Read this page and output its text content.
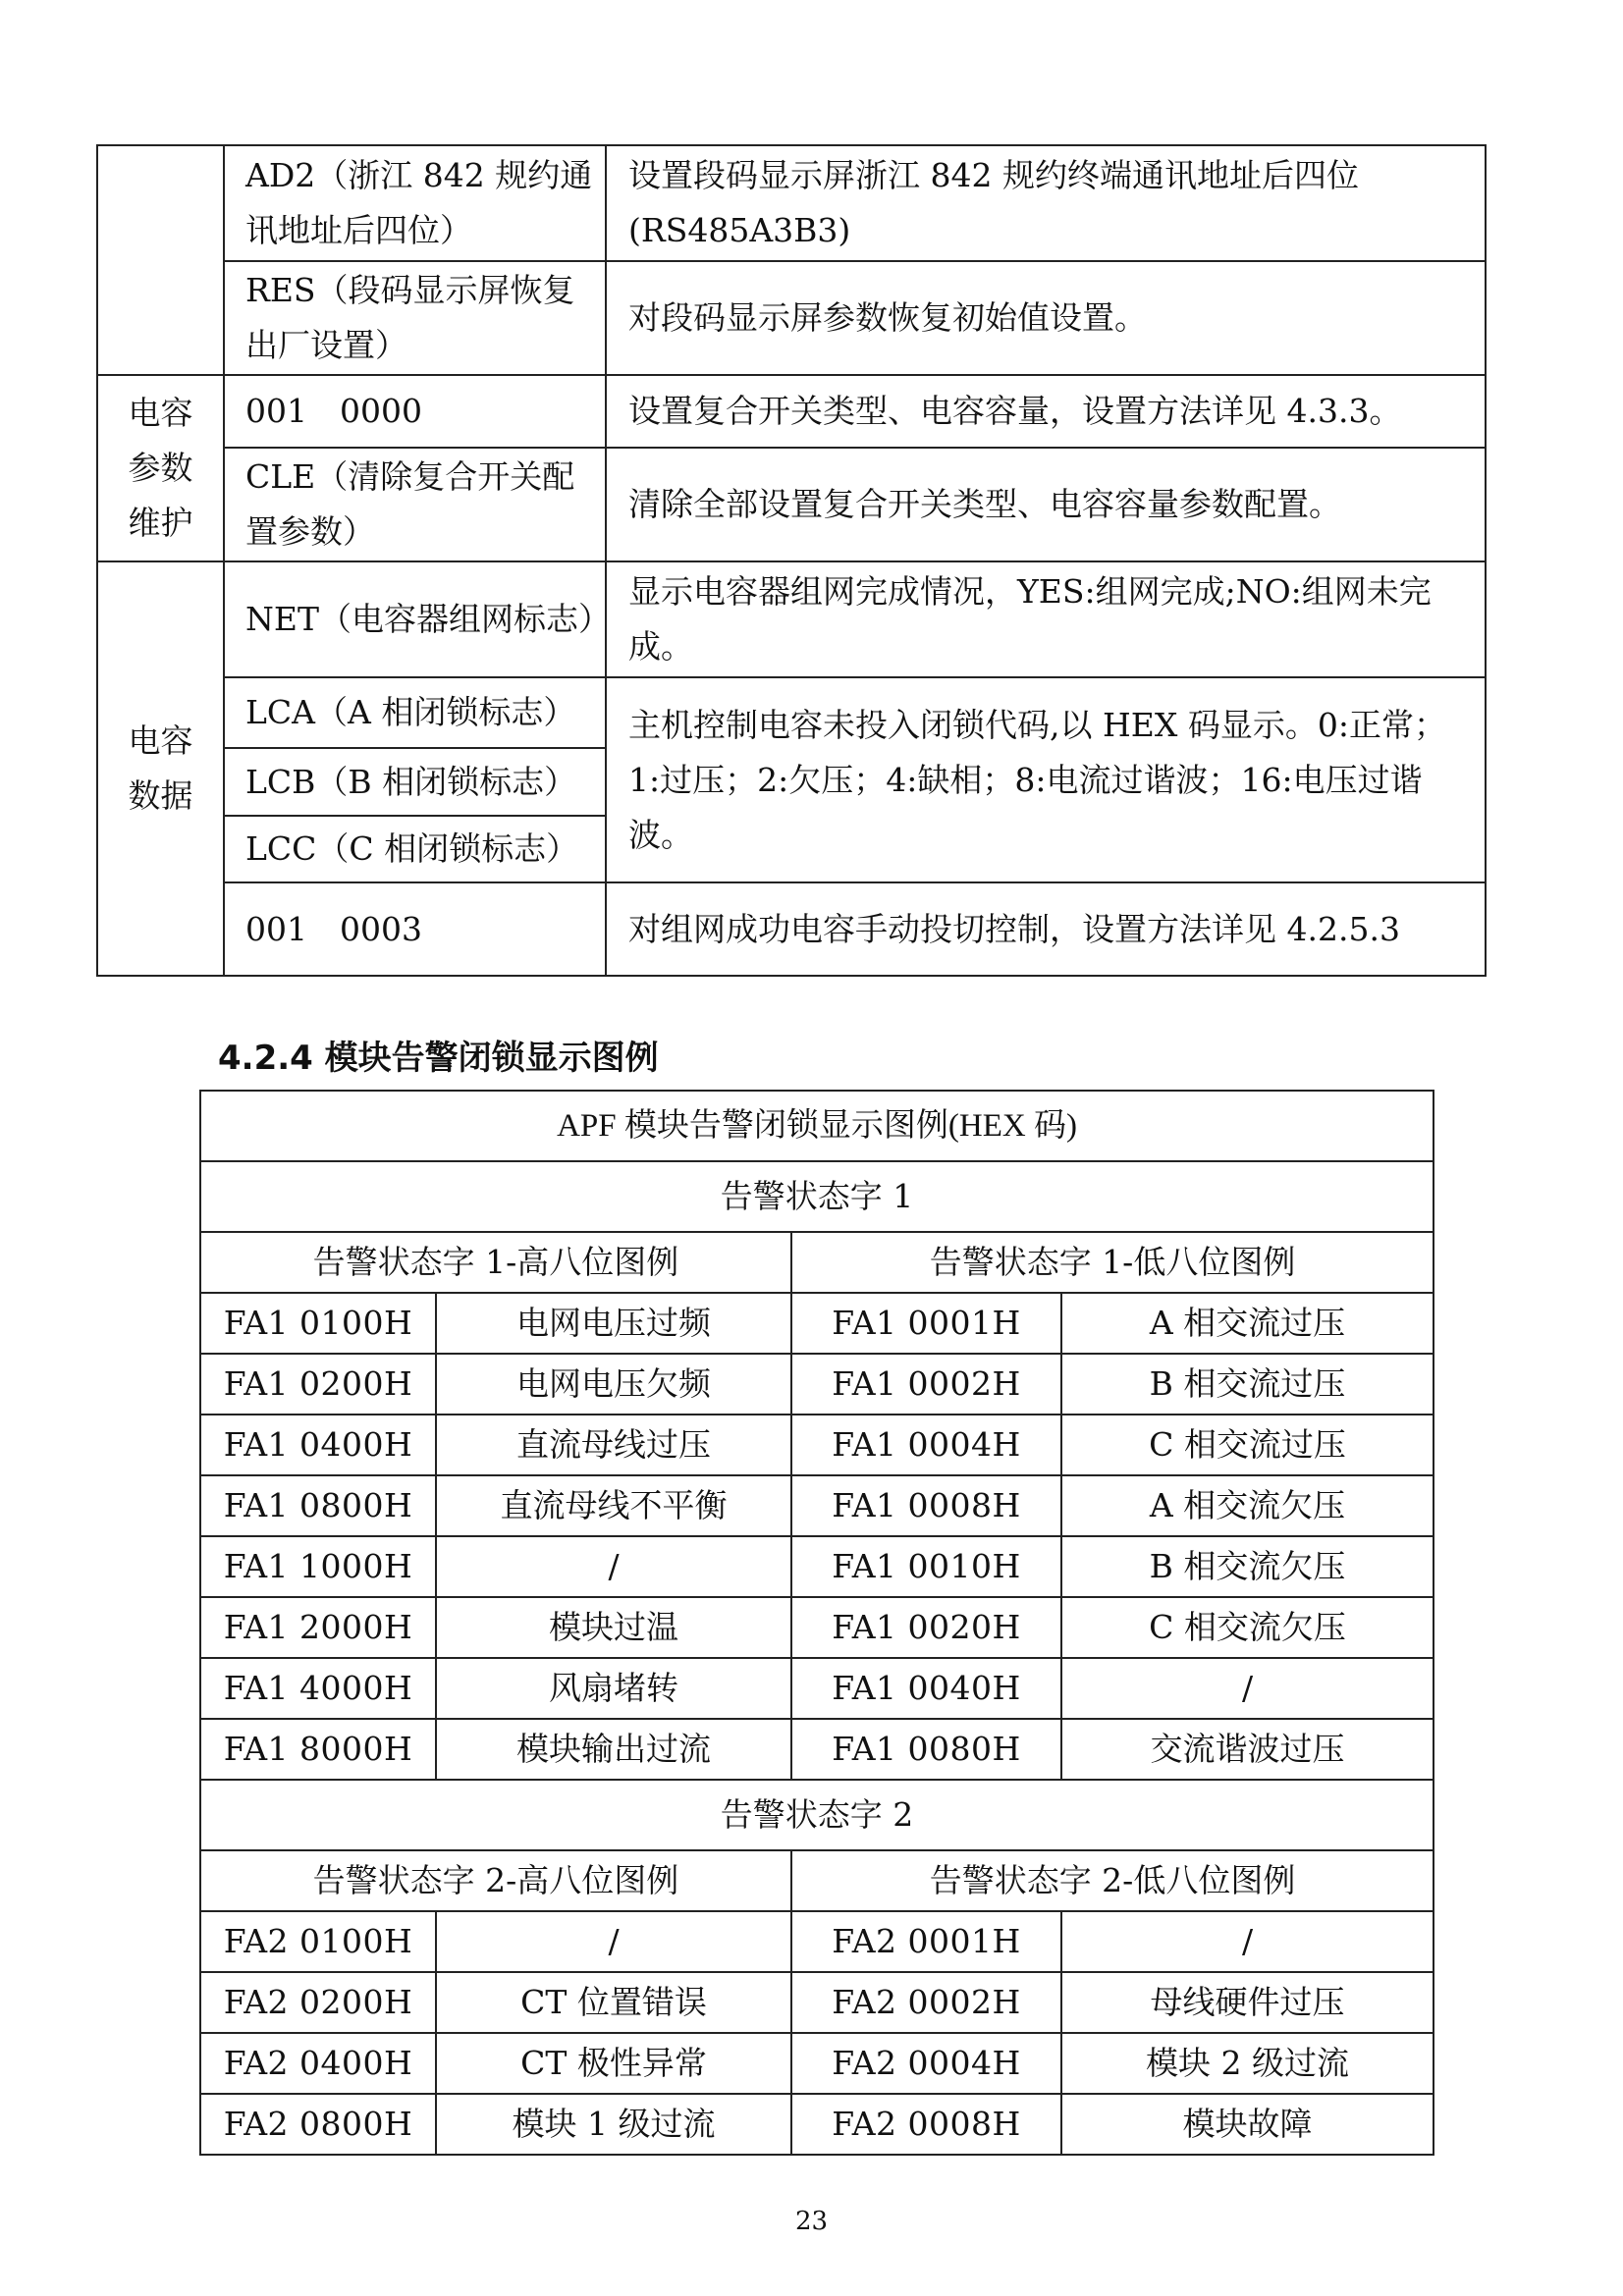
	AD2（浙江 842 规约通讯地址后四位）	设置段码显示屏浙江 842 规约终端通讯地址后四位(RS485A3B3)
	RES（段码显示屏恢复出厂设置）	对段码显示屏参数恢复初始值设置。
电容参数维护	001　0000	设置复合开关类型、电容容量，设置方法详见 4.3.3。
	CLE（清除复合开关配置参数）	清除全部设置复合开关类型、电容容量参数配置。
电容数据	NET（电容器组网标志）	显示电容器组网完成情况，YES:组网完成;NO:组网未完成。
	LCA（A 相闭锁标志）	主机控制电容未投入闭锁代码,以 HEX 码显示。0:正常；1:过压；2:欠压；4:缺相；8:电流过谐波；16:电压过谐波。
	LCB（B 相闭锁标志）	
	LCC（C 相闭锁标志）	
	001　0003	对组网成功电容手动投切控制，设置方法详见 4.2.5.3
4.2.4 模块告警闭锁显示图例
APF 模块告警闭锁显示图例(HEX 码)			
告警状态字 1			
告警状态字 1-高八位图例		告警状态字 1-低八位图例	
FA1 0100H	电网电压过频	FA1 0001H	A 相交流过压
FA1 0200H	电网电压欠频	FA1 0002H	B 相交流过压
FA1 0400H	直流母线过压	FA1 0004H	C 相交流过压
FA1 0800H	直流母线不平衡	FA1 0008H	A 相交流欠压
FA1 1000H	/	FA1 0010H	B 相交流欠压
FA1 2000H	模块过温	FA1 0020H	C 相交流欠压
FA1 4000H	风扇堵转	FA1 0040H	/
FA1 8000H	模块输出过流	FA1 0080H	交流谐波过压
告警状态字 2			
告警状态字 2-高八位图例		告警状态字 2-低八位图例	
FA2 0100H	/	FA2 0001H	/
FA2 0200H	CT 位置错误	FA2 0002H	母线硬件过压
FA2 0400H	CT 极性异常	FA2 0004H	模块 2 级过流
FA2 0800H	模块 1 级过流	FA2 0008H	模块故障
23
